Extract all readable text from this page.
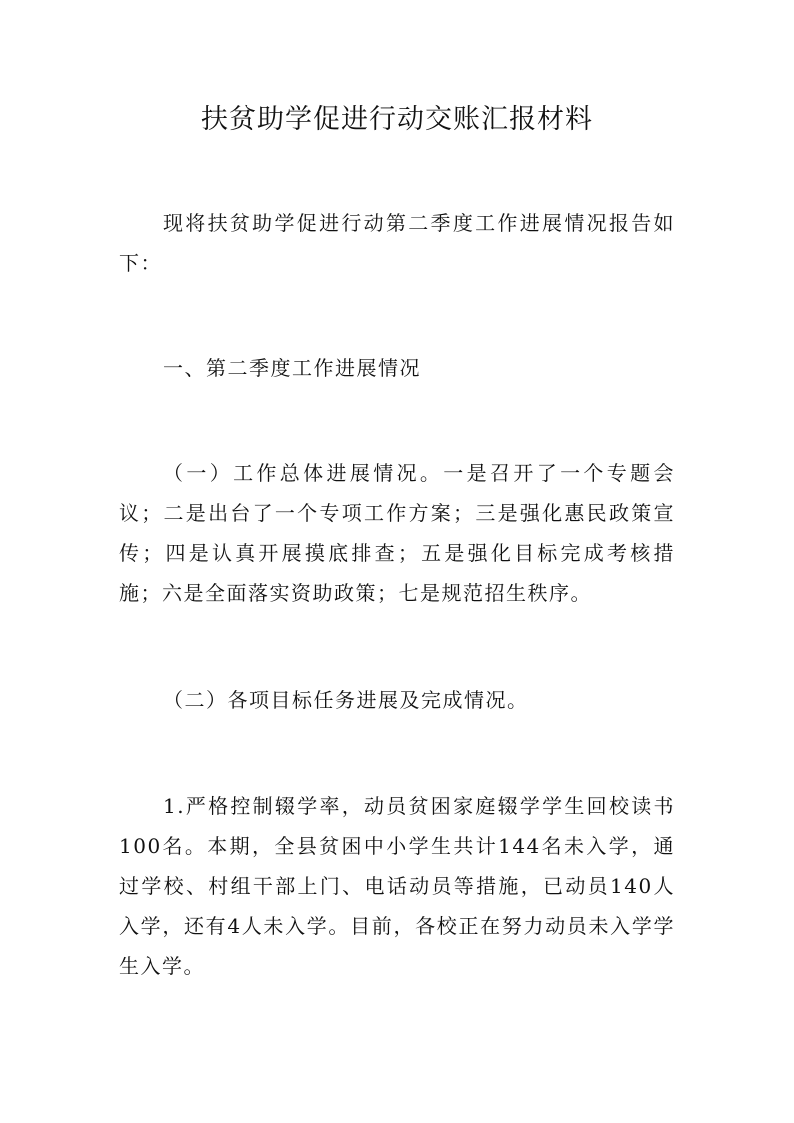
扶贫助学促进行动交账汇报材料

现将扶贫助学促进行动第二季度工作进展情况报告如下：

一、第二季度工作进展情况

（一）工作总体进展情况。一是召开了一个专题会议；二是出台了一个专项工作方案；三是强化惠民政策宣传；四是认真开展摸底排查；五是强化目标完成考核措施；六是全面落实资助政策；七是规范招生秩序。

（二）各项目标任务进展及完成情况。

1.严格控制辍学率，动员贫困家庭辍学学生回校读书100名。本期，全县贫困中小学生共计144名未入学，通过学校、村组干部上门、电话动员等措施，已动员140人入学，还有4人未入学。目前，各校正在努力动员未入学学生入学。
